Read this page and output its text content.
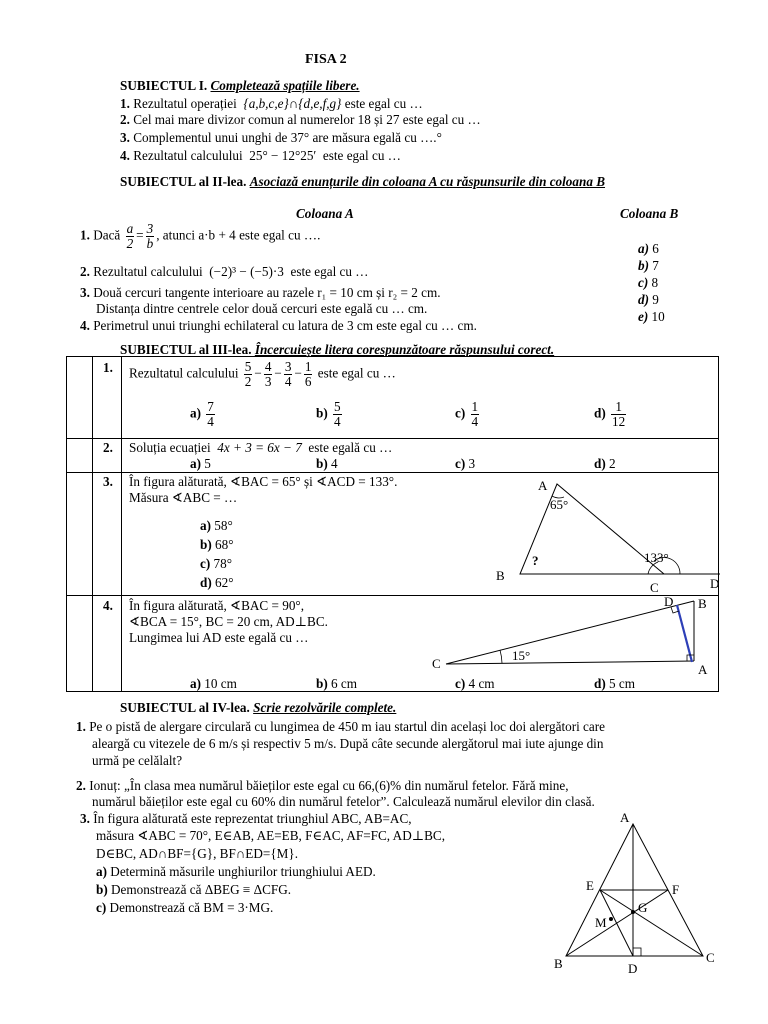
FISA 2
SUBIECTUL I. Completează spațiile libere.
1. Rezultatul operației {a,b,c,e}∩{d,e,f,g} este egal cu …
2. Cel mai mare divizor comun al numerelor 18 și 27 este egal cu …
3. Complementul unui unghi de 37° are măsura egală cu ….°
4. Rezultatul calculului 25° − 12°25′ este egal cu …
SUBIECTUL al II-lea. Asociază enunțurile din coloana A cu răspunsurile din coloana B
Coloana A	Coloana B
1. Dacă $\frac{a}{2} = \frac{3}{b}$ , atunci a·b + 4 este egal cu ….
2. Rezultatul calculului (−2)³ − (−5)·3 este egal cu …
3. Două cercuri tangente interioare au razele r₁ = 10 cm și r₂ = 2 cm.
Distanța dintre centrele celor două cercuri este egală cu … cm.
4. Perimetrul unui triunghi echilateral cu latura de 3 cm este egal cu … cm.
a) 6
b) 7
c) 8
d) 9
e) 10
SUBIECTUL al III-lea. Încercuiește litera corespunzătoare răspunsului corect.

1. Rezultatul calculului $\frac{5}{2} - \frac{4}{3} - \frac{3}{4} - \frac{1}{6}$ este egal cu …
$a) \frac{7}{4}$	$b) \frac{5}{4}$	$c) \frac{1}{4}$	$d) \frac{1}{12}$
2. Soluția ecuației 4x + 3 = 6x − 7 este egală cu …
a) 5	b) 4	c) 3	d) 2
3. În figura alăturată, ∢BAC = 65° și ∢ACD = 133°.
Măsura ∢ABC = …
a) 58°
b) 68°
c) 78°
d) 62°
A
65°
?	133°
B
C	D
4. În figura alăturată, ∢BAC = 90°,
∢BCA = 15°, BC = 20 cm, AD⊥BC.
Lungimea lui AD este egală cu …
a) 10 cm	b) 6 cm	c) 4 cm	d) 5 cm
15°
D B
C	A
SUBIECTUL al IV-lea. Scrie rezolvările complete.
1. Pe o pistă de alergare circulară cu lungimea de 450 m iau startul din același loc doi alergători care
aleargă cu vitezele de 6 m/s și respectiv 5 m/s. După câte secunde alergătorul mai iute ajunge din
urmă pe celălalt?
2. Ionuț: „În clasa mea numărul băieților este egal cu 66,(6)% din numărul fetelor. Fără mine,
numărul băieților este egal cu 60% din numărul fetelor”. Calculează numărul elevilor din clasă.
3. În figura alăturată este reprezentat triunghiul ABC, AB=AC,
măsura ∢ABC = 70°, E∈AB, AE=EB, F∈AC, AF=FC, AD⊥BC,
D∈BC, AD∩BF={G}, BF∩ED={M}.
a) Determină măsurile unghiurilor triunghiului AED.
b) Demonstrează că ΔBEG ≡ ΔCFG.
c) Demonstrează că BM = 3·MG.
A
E	F
G
M
B	D
C
